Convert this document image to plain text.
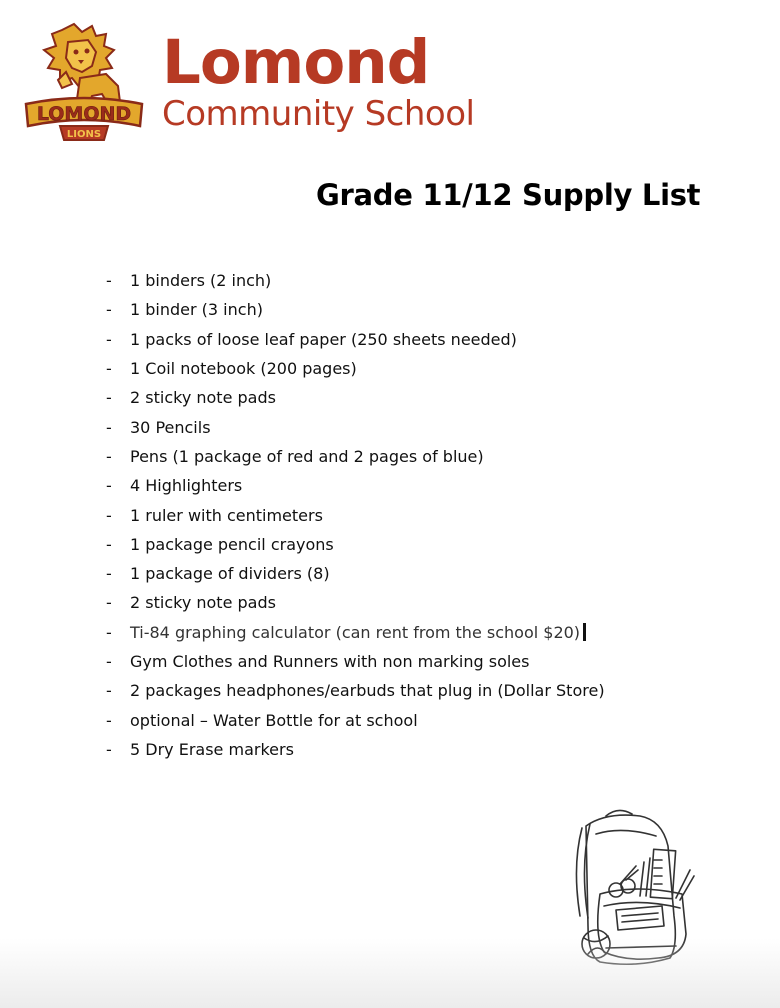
LOMOND
LIONS
Lomond
Community School
Grade 11/12 Supply List
-	1 binders (2 inch)
-	1 binder (3 inch)
-	1 packs of loose leaf paper (250 sheets needed)
-	1 Coil notebook (200 pages)
-	2 sticky note pads
-	30 Pencils
-	Pens (1 package of red and 2 pages of blue)
-	4 Highlighters
-	1 ruler with centimeters
-	1 package pencil crayons
-	1 package of dividers (8)
-	2 sticky note pads
-	Ti-84 graphing calculator (can rent from the school $20)
-	Gym Clothes and Runners with non marking soles
-	2 packages headphones/earbuds that plug in (Dollar Store)
-	optional – Water Bottle for at school
-	5 Dry Erase markers
